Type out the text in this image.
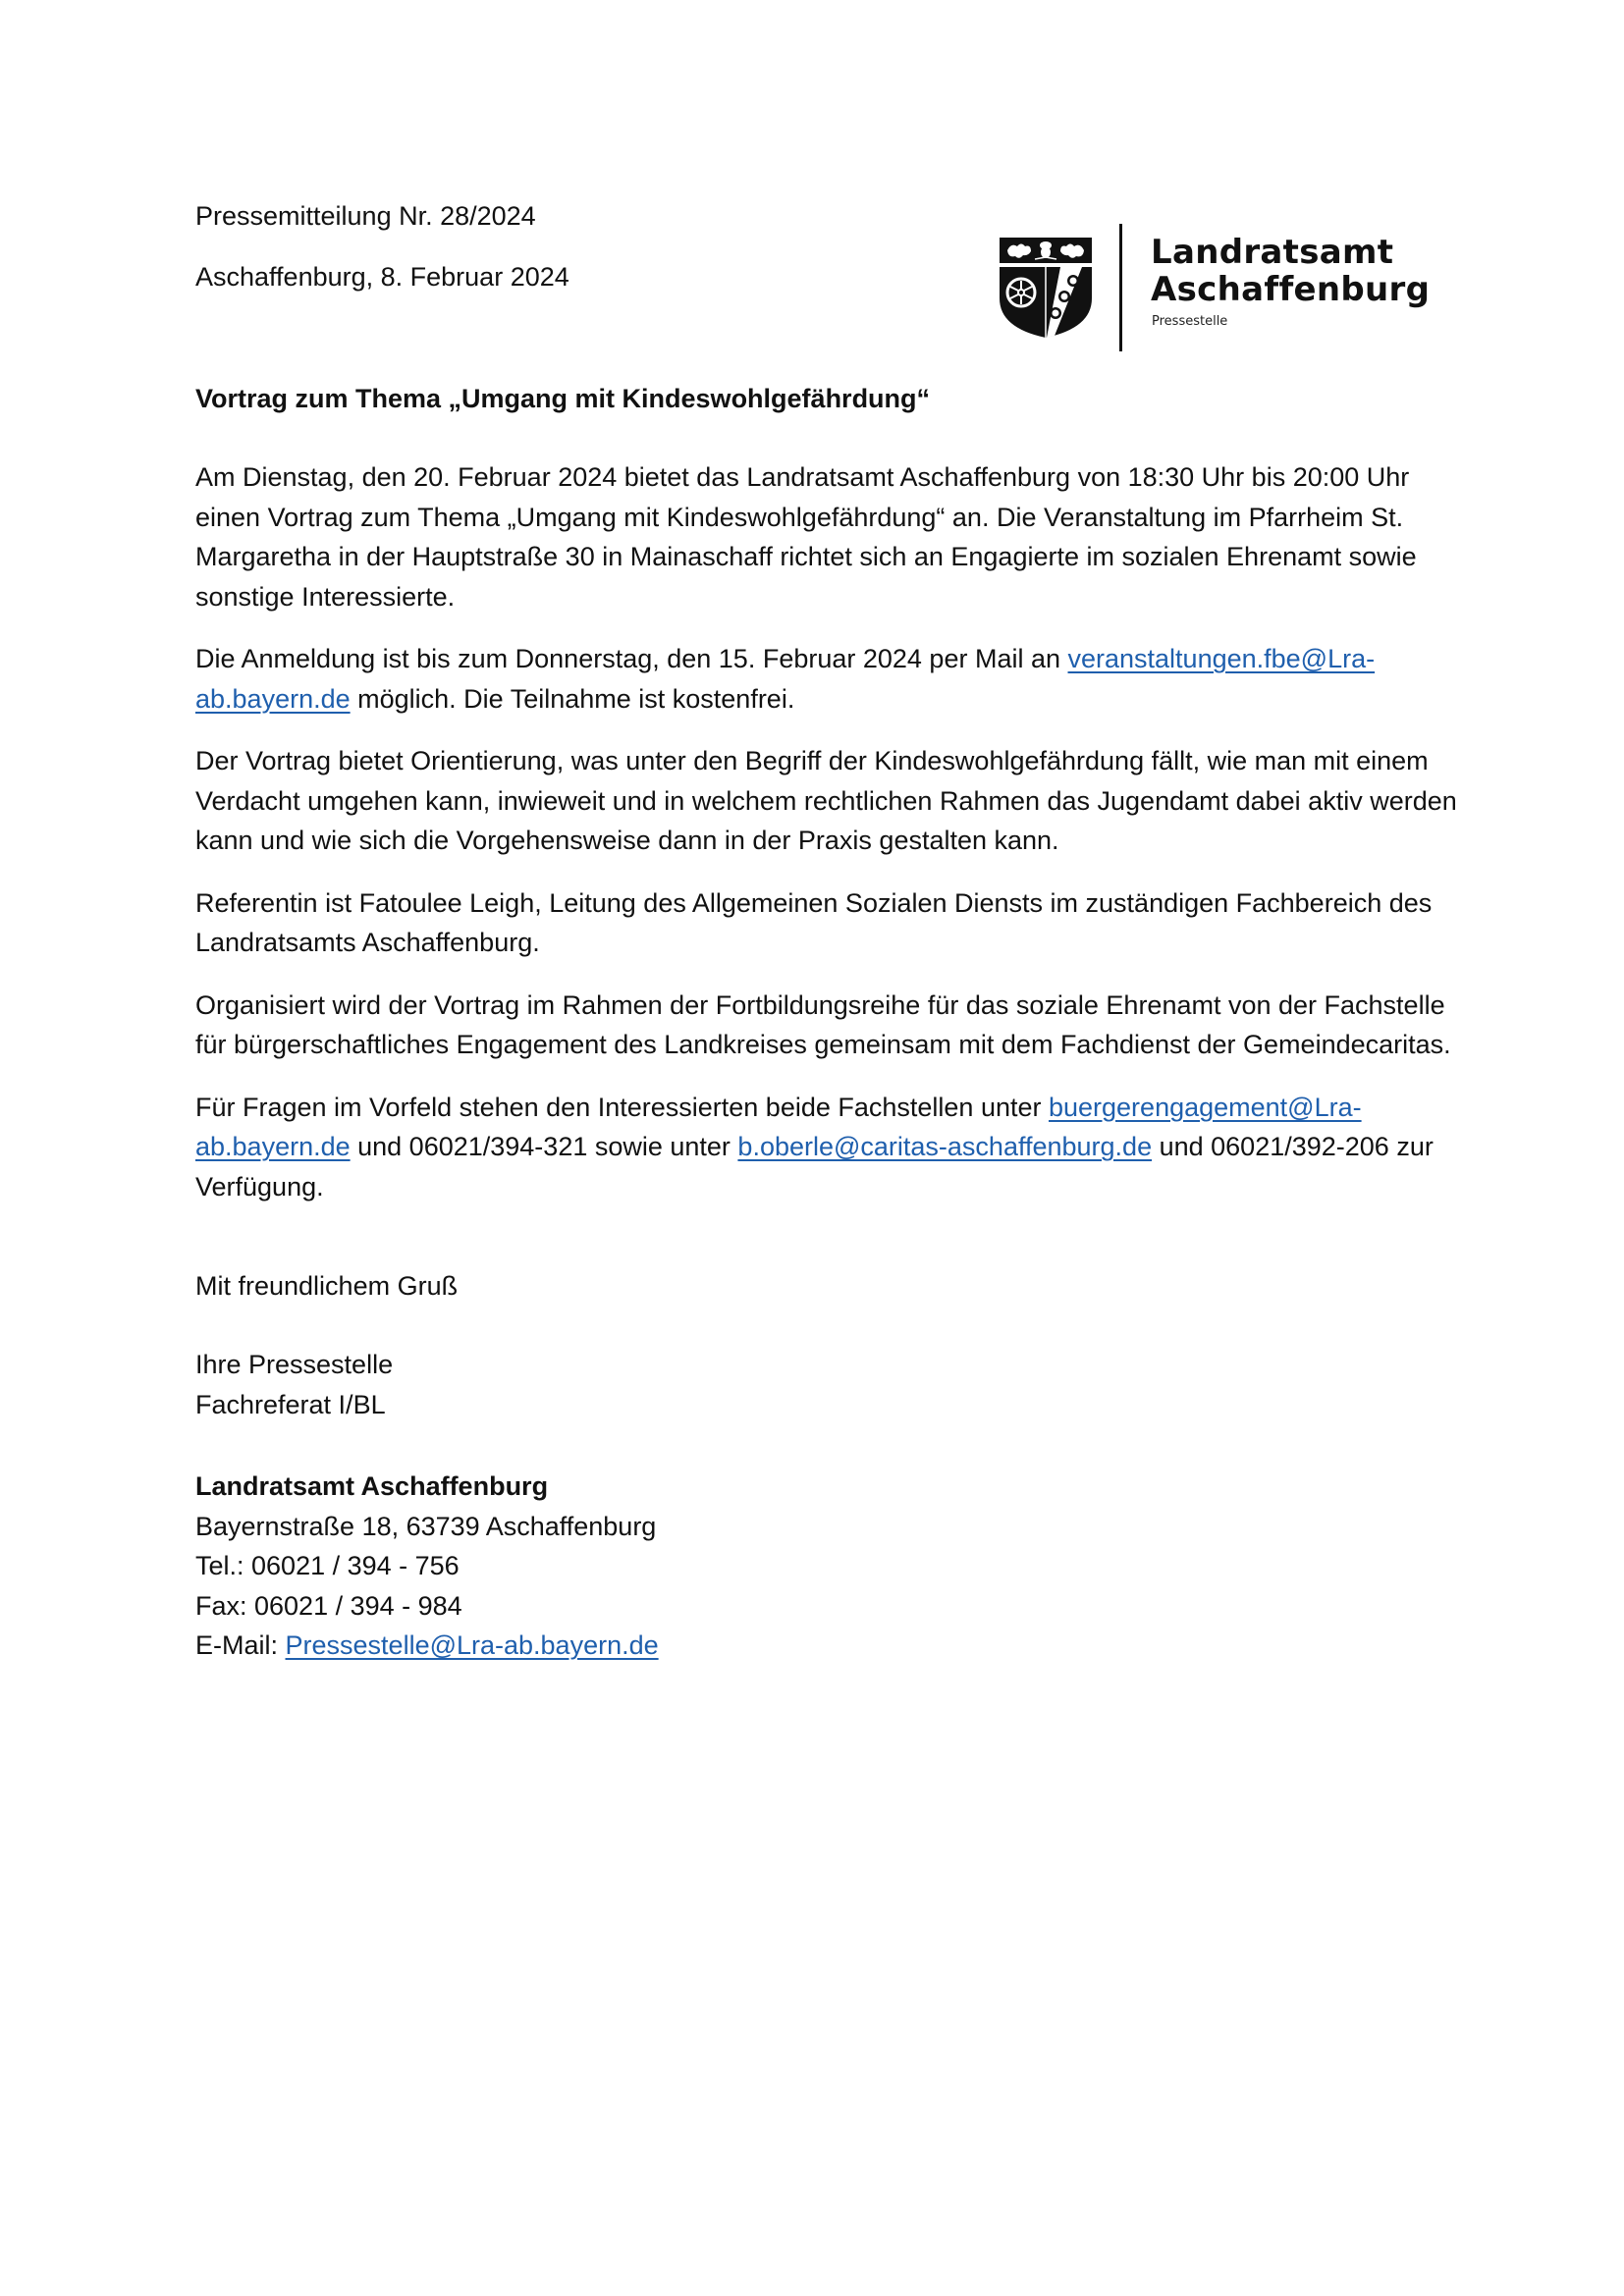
Pressemitteilung Nr. 28/2024
Aschaffenburg, 8. Februar 2024
Landratsamt
Aschaffenburg
Pressestelle
Vortrag zum Thema „Umgang mit Kindeswohlgefährdung“

Am Dienstag, den 20. Februar 2024 bietet das Landratsamt Aschaffenburg von 18:30 Uhr bis 20:00 Uhr einen Vortrag zum Thema „Umgang mit Kindeswohlgefährdung“ an. Die Veranstaltung im Pfarrheim St. Margaretha in der Hauptstraße 30 in Mainaschaff richtet sich an Engagierte im sozialen Ehrenamt sowie sonstige Interessierte.

Die Anmeldung ist bis zum Donnerstag, den 15. Februar 2024 per Mail an veranstaltungen.fbe@Lra-ab.bayern.de möglich. Die Teilnahme ist kostenfrei.

Der Vortrag bietet Orientierung, was unter den Begriff der Kindeswohlgefährdung fällt, wie man mit einem Verdacht umgehen kann, inwieweit und in welchem rechtlichen Rahmen das Jugendamt dabei aktiv werden kann und wie sich die Vorgehensweise dann in der Praxis gestalten kann.

Referentin ist Fatoulee Leigh, Leitung des Allgemeinen Sozialen Diensts im zuständigen Fachbereich des Landratsamts Aschaffenburg.

Organisiert wird der Vortrag im Rahmen der Fortbildungsreihe für das soziale Ehrenamt von der Fachstelle für bürgerschaftliches Engagement des Landkreises gemeinsam mit dem Fachdienst der Gemeindecaritas.

Für Fragen im Vorfeld stehen den Interessierten beide Fachstellen unter buergerengagement@Lra-ab.bayern.de und 06021/394-321 sowie unter b.oberle@caritas-aschaffenburg.de und 06021/392-206 zur Verfügung.

Mit freundlichem Gruß
Ihre Pressestelle
Fachreferat I/BL
Landratsamt Aschaffenburg
Bayernstraße 18, 63739 Aschaffenburg
Tel.: 06021 / 394 - 756
Fax: 06021 / 394 - 984
E-Mail: Pressestelle@Lra-ab.bayern.de
